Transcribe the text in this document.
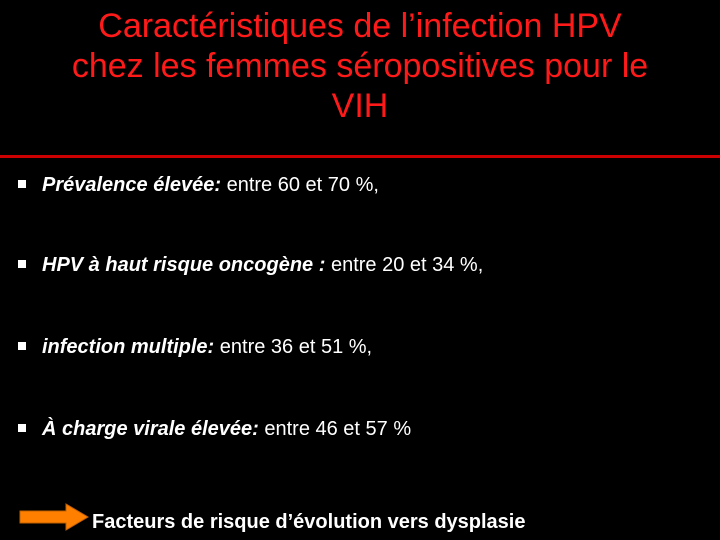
Caractéristiques de l’infection HPV
chez les femmes séropositives pour le
VIH
Prévalence élevée: entre 60 et 70 %,
HPV à haut risque oncogène : entre 20 et 34 %,
infection multiple: entre 36 et 51 %,
À charge virale élevée: entre 46 et 57 %
Facteurs de risque d’évolution vers dysplasie
